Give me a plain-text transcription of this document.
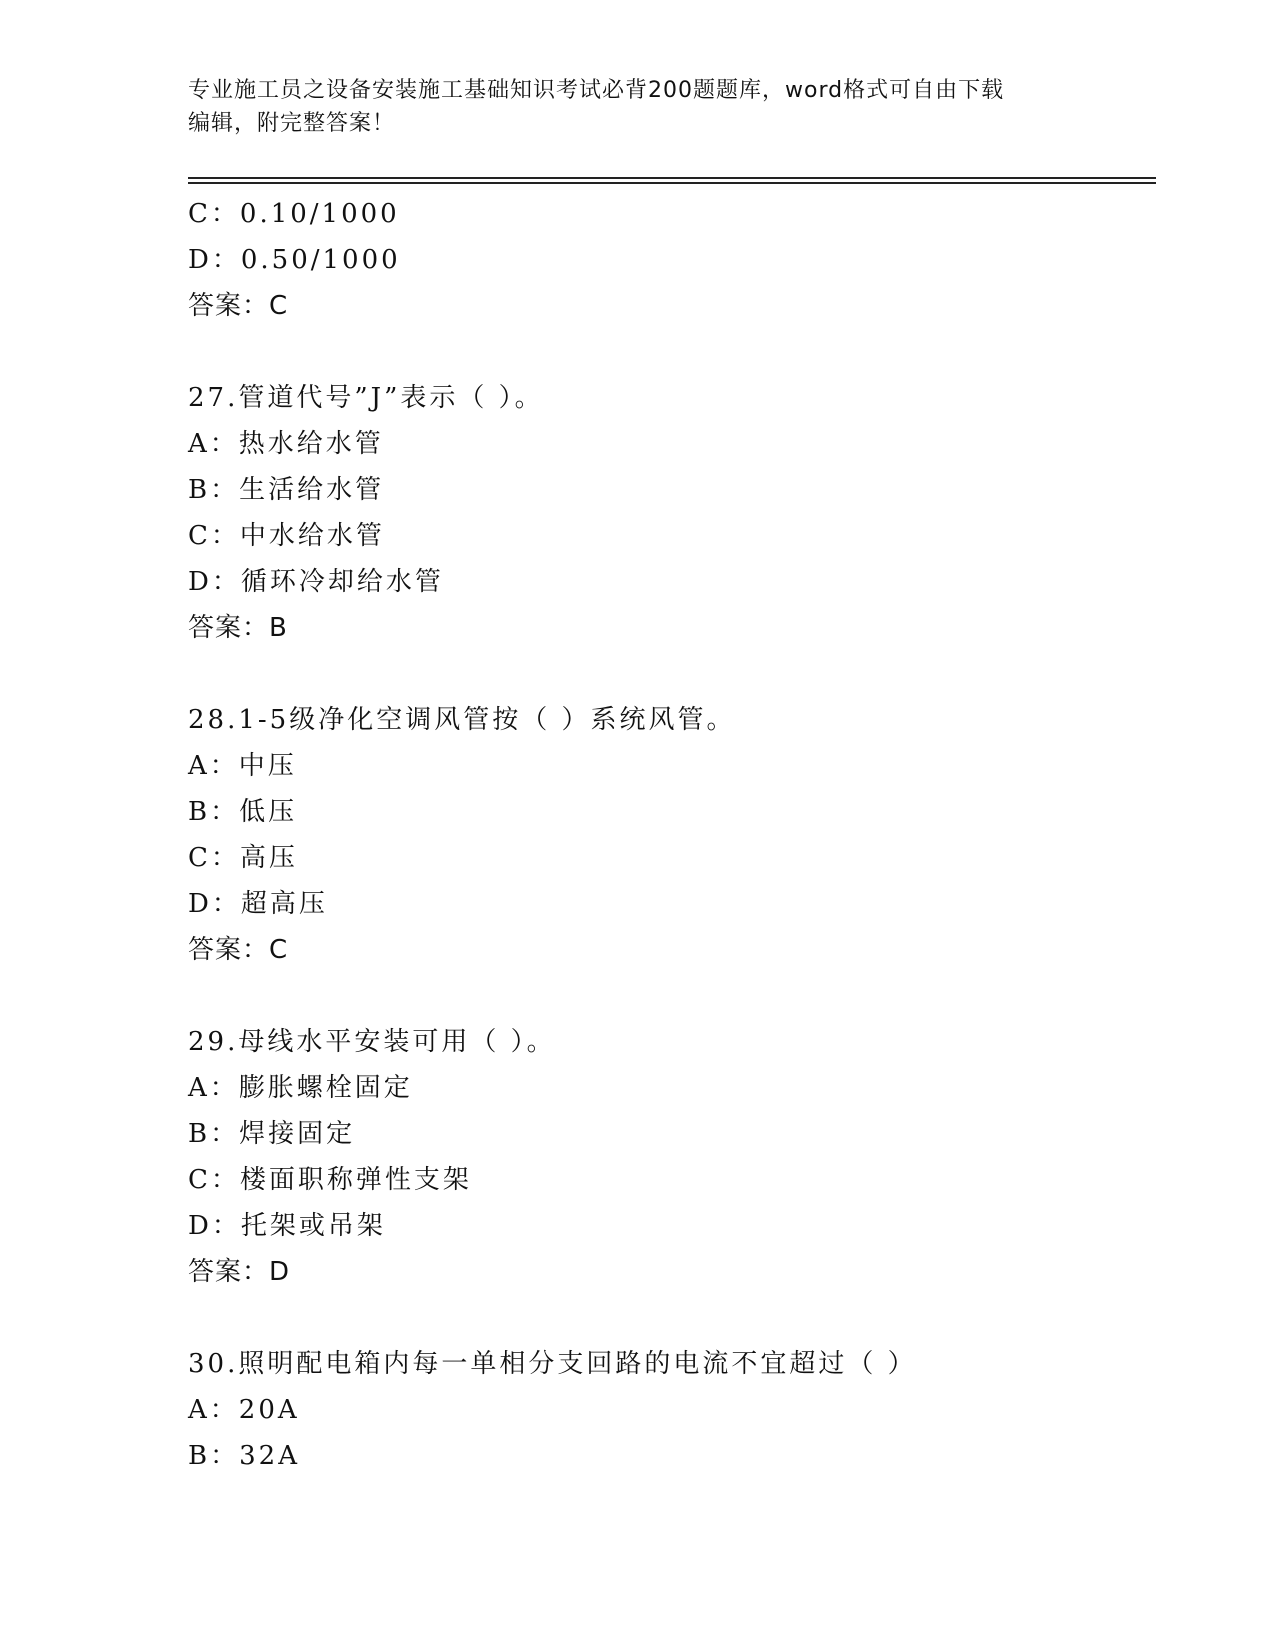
专业施工员之设备安装施工基础知识考试必背200题题库，word格式可自由下载
编辑，附完整答案！
C：0.10/1000
D：0.50/1000
答案：C
27.管道代号”J”表示（ ）。
A：热水给水管
B：生活给水管
C：中水给水管
D：循环冷却给水管
答案：B
28.1-5级净化空调风管按（ ）系统风管。
A：中压
B：低压
C：高压
D：超高压
答案：C
29.母线水平安装可用（ ）。
A：膨胀螺栓固定
B：焊接固定
C：楼面职称弹性支架
D：托架或吊架
答案：D
30.照明配电箱内每一单相分支回路的电流不宜超过（ ）
A：20A
B：32A
